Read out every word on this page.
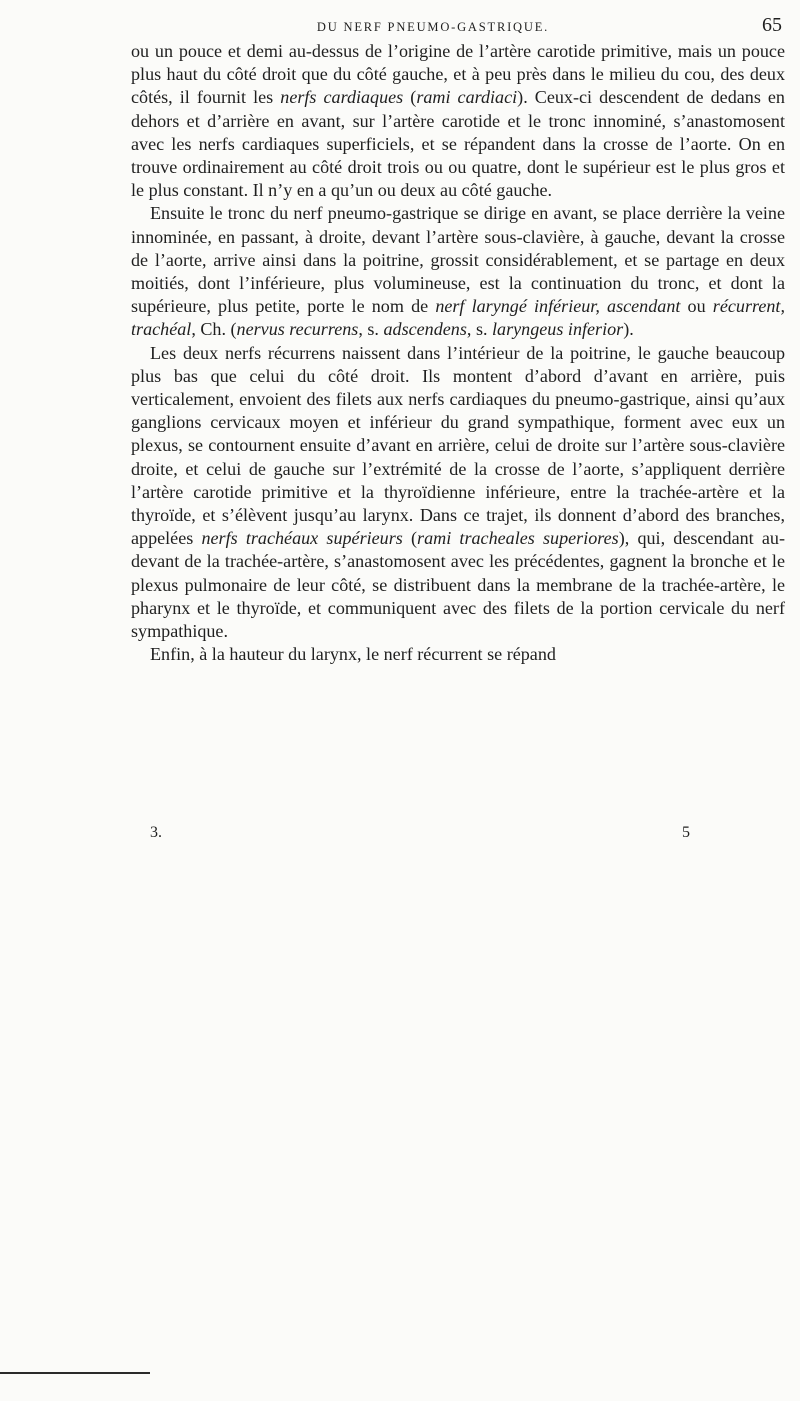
DU NERF PNEUMO-GASTRIQUE.	65

ou un pouce et demi au-dessus de l’origine de l’artère carotide primitive, mais un pouce plus haut du côté droit que du côté gauche, et à peu près dans le milieu du cou, des deux côtés, il fournit les nerfs cardiaques (rami cardiaci). Ceux-ci descendent de dedans en dehors et d’arrière en avant, sur l’artère carotide et le tronc innominé, s’anastomosent avec les nerfs cardiaques superficiels, et se répandent dans la crosse de l’aorte. On en trouve ordinairement au côté droit trois ou ou quatre, dont le supérieur est le plus gros et le plus constant. Il n’y en a qu’un ou deux au côté gauche.

Ensuite le tronc du nerf pneumo-gastrique se dirige en avant, se place derrière la veine innominée, en passant, à droite, devant l’artère sous-clavière, à gauche, devant la crosse de l’aorte, arrive ainsi dans la poitrine, grossit considérablement, et se partage en deux moitiés, dont l’inférieure, plus volumineuse, est la continuation du tronc, et dont la supérieure, plus petite, porte le nom de nerf laryngé inférieur, ascendant ou récurrent, trachéal, Ch. (nervus recurrens, s. adscendens, s. laryngeus inferior).

Les deux nerfs récurrens naissent dans l’intérieur de la poitrine, le gauche beaucoup plus bas que celui du côté droit. Ils montent d’abord d’avant en arrière, puis verticalement, envoient des filets aux nerfs cardiaques du pneumo-gastrique, ainsi qu’aux ganglions cervicaux moyen et inférieur du grand sympathique, forment avec eux un plexus, se contournent ensuite d’avant en arrière, celui de droite sur l’artère sous-clavière droite, et celui de gauche sur l’extrémité de la crosse de l’aorte, s’appliquent derrière l’artère carotide primitive et la thyroïdienne inférieure, entre la trachée-artère et la thyroïde, et s’élèvent jusqu’au larynx. Dans ce trajet, ils donnent d’abord des branches, appelées nerfs trachéaux supérieurs (rami tracheales superiores), qui, descendant au-devant de la trachée-artère, s’anastomosent avec les précédentes, gagnent la bronche et le plexus pulmonaire de leur côté, se distribuent dans la membrane de la trachée-artère, le pharynx et le thyroïde, et communiquent avec des filets de la portion cervicale du nerf sympathique.

Enfin, à la hauteur du larynx, le nerf récurrent se répand

3.	5
